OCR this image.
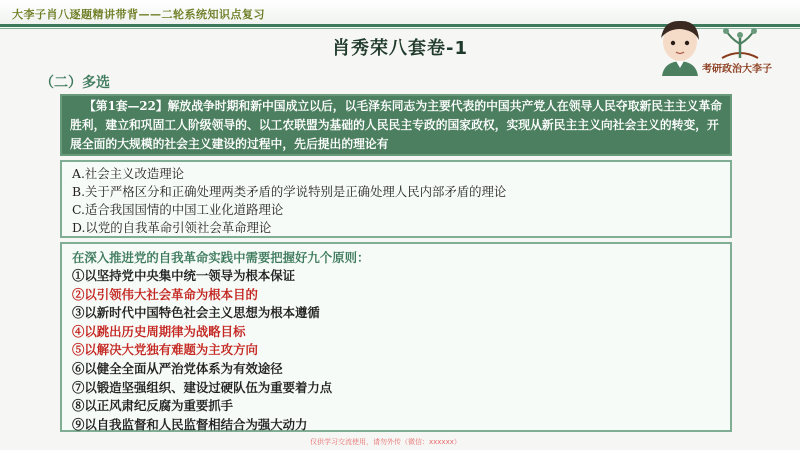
大李子肖八逐题精讲带背——二轮系统知识点复习
肖秀荣八套卷-1
考研政治大李子
（二）多选
【第1套—22】解放战争时期和新中国成立以后，以毛泽东同志为主要代表的中国共产党人在领导人民夺取新民主主义革命胜利，建立和巩固工人阶级领导的、以工农联盟为基础的人民民主专政的国家政权，实现从新民主主义向社会主义的转变，开展全面的大规模的社会主义建设的过程中，先后提出的理论有
A.社会主义改造理论
B.关于严格区分和正确处理两类矛盾的学说特别是正确处理人民内部矛盾的理论
C.适合我国国情的中国工业化道路理论
D.以党的自我革命引领社会革命理论
在深入推进党的自我革命实践中需要把握好九个原则：
①以坚持党中央集中统一领导为根本保证
②以引领伟大社会革命为根本目的
③以新时代中国特色社会主义思想为根本遵循
④以跳出历史周期律为战略目标
⑤以解决大党独有难题为主攻方向
⑥以健全全面从严治党体系为有效途径
⑦以锻造坚强组织、建设过硬队伍为重要着力点
⑧以正风肃纪反腐为重要抓手
⑨以自我监督和人民监督相结合为强大动力
仅供学习交流使用，请勿外传（微信：xxxxxx）
